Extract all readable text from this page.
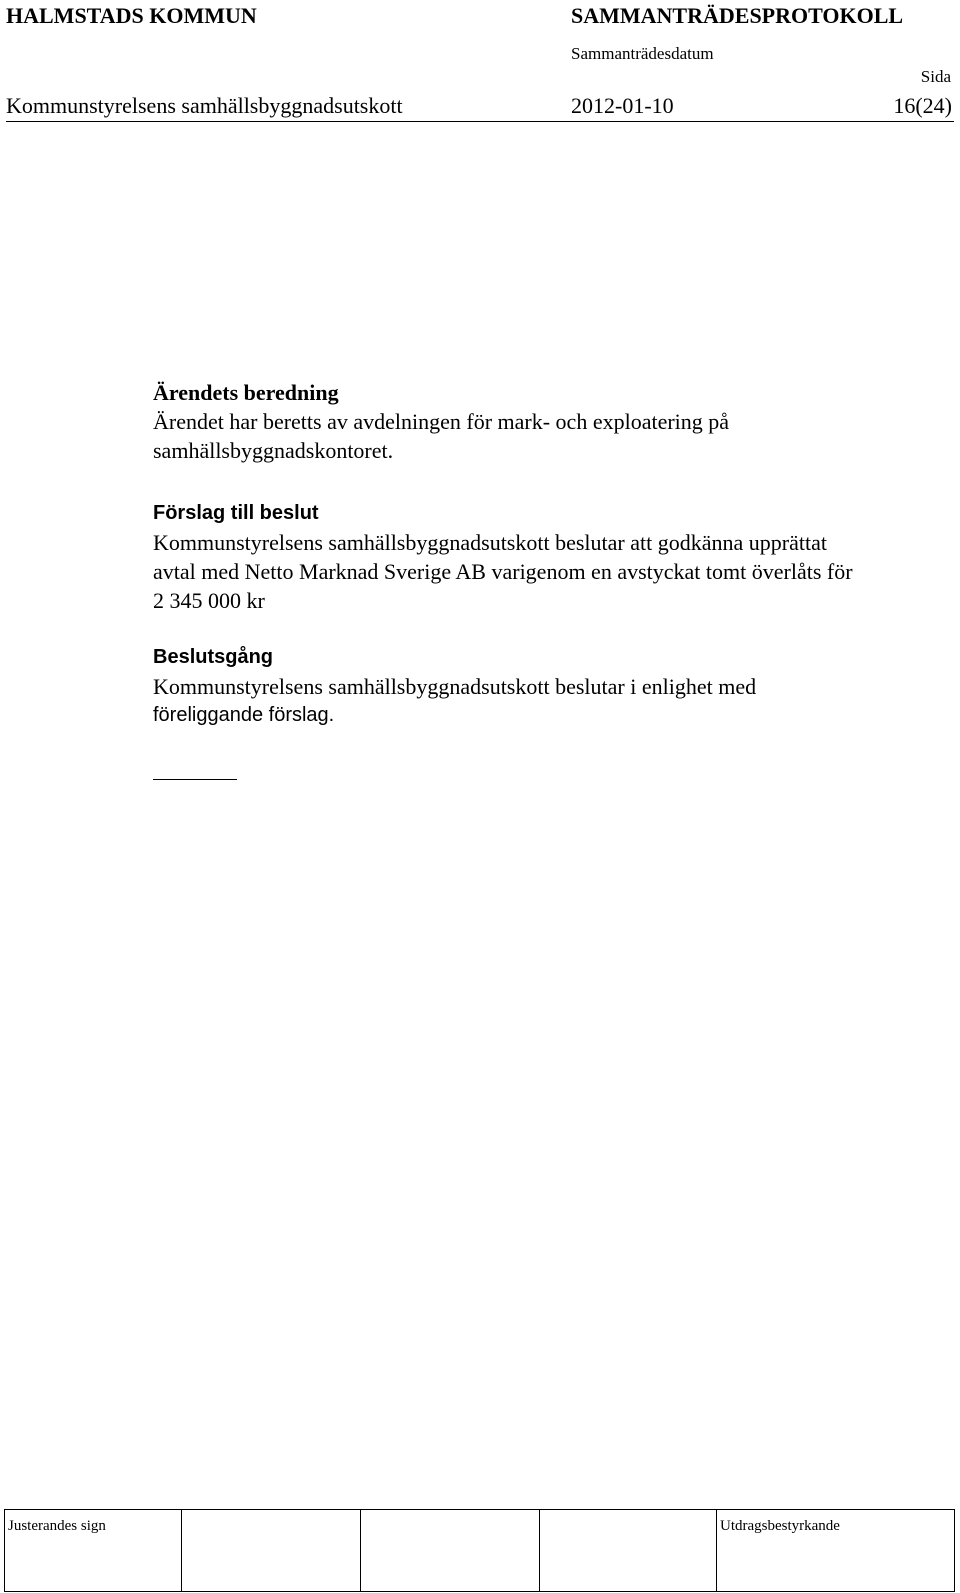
HALMSTADS KOMMUN	SAMMANTRÄDESPROTOKOLL
Sammanträdesdatum
Sida
Kommunstyrelsens samhällsbyggnadsutskott	2012-01-10	16(24)
Ärendets beredning

Ärendet har beretts av avdelningen för mark- och exploatering på

samhällsbyggnadskontoret.

Förslag till beslut

Kommunstyrelsens samhällsbyggnadsutskott beslutar att godkänna upprättat

avtal med Netto Marknad Sverige AB varigenom en avstyckat tomt överlåts för

2 345 000 kr

Beslutsgång

Kommunstyrelsens samhällsbyggnadsutskott beslutar i enlighet med

föreliggande förslag.

Justerandes sign				Utdragsbestyrkande
